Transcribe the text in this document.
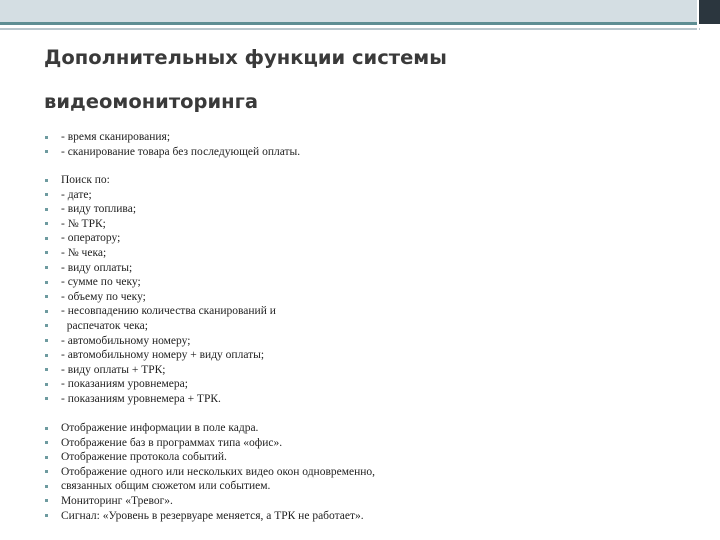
Дополнительных функции системы
видеомониторинга
- время сканирования;
- сканирование товара без последующей оплаты.
Поиск по:
- дате;
- виду топлива;
- № ТРК;
- оператору;
- № чека;
- виду оплаты;
- сумме по чеку;
- объему по чеку;
- несовпадению количества сканирований и
распечаток чека;
- автомобильному номеру;
- автомобильному номеру + виду оплаты;
- виду оплаты + ТРК;
- показаниям уровнемера;
- показаниям уровнемера + ТРК.
Отображение информации в поле кадра.
Отображение баз в программах типа «офис».
Отображение протокола событий.
Отображение одного или нескольких видео окон одновременно,
связанных общим сюжетом или событием.
Мониторинг «Тревог».
Сигнал: «Уровень в резервуаре меняется, а ТРК не работает».
